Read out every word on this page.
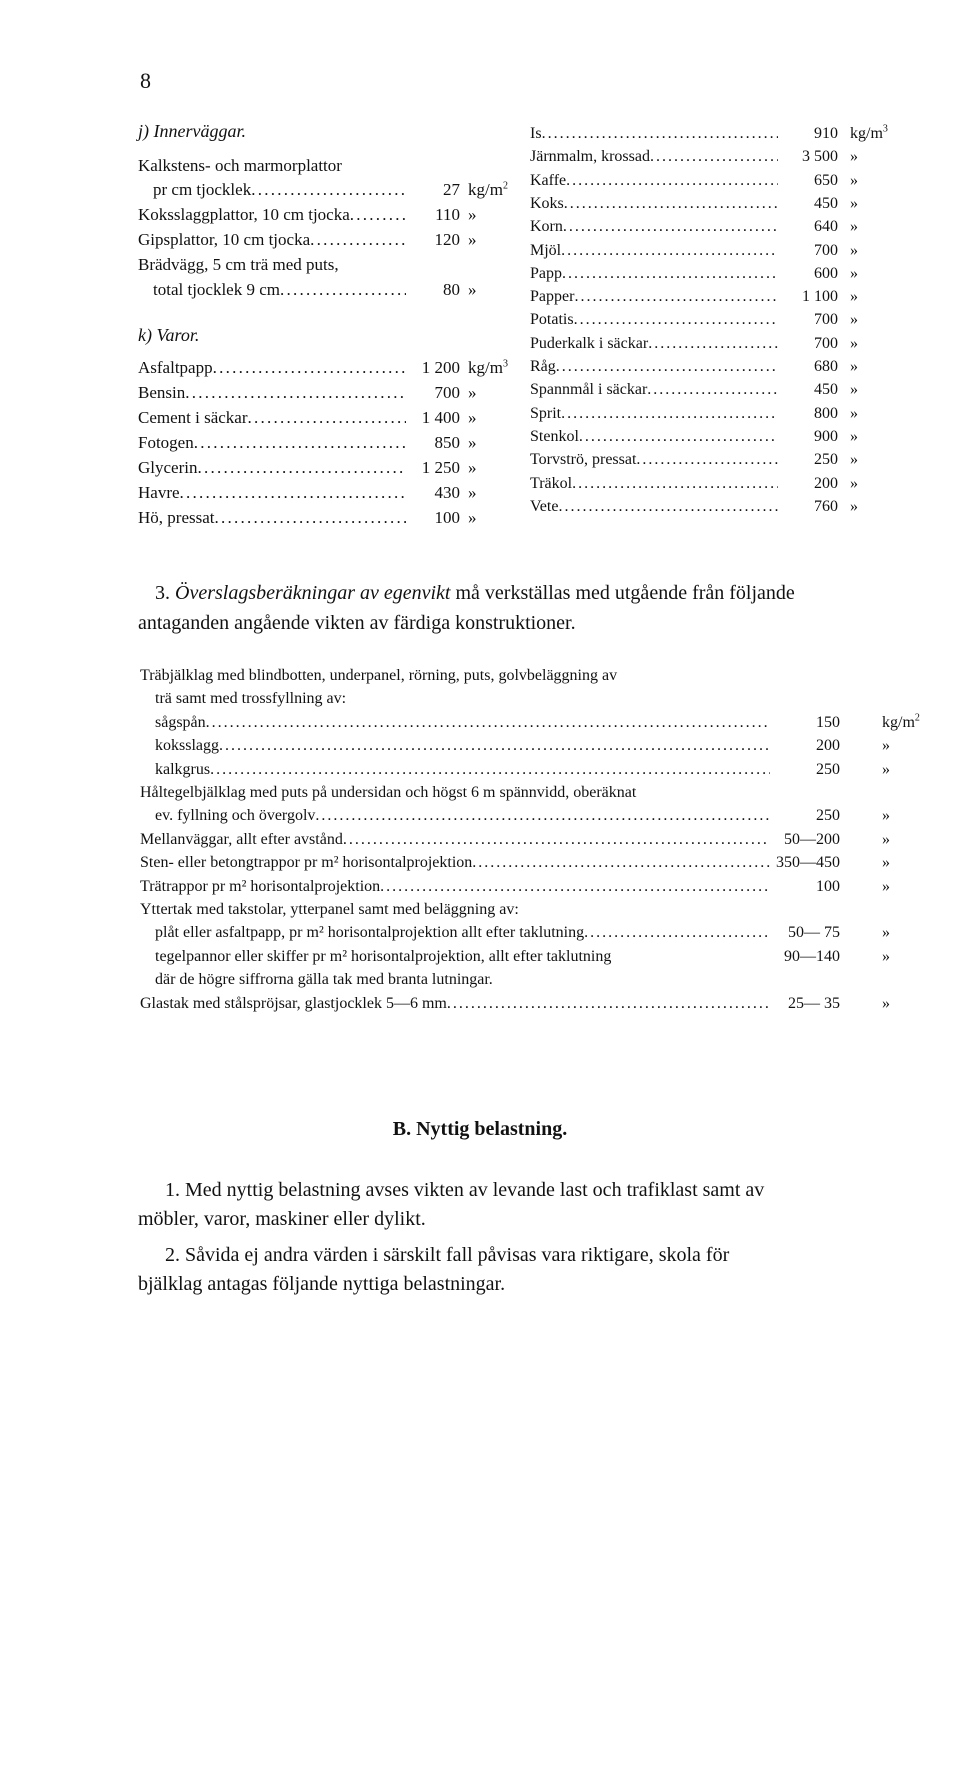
8
j) Innerväggar.
Kalkstens- och marmorplattor
. . .
pr cm tjocklek	27 $kg/m^2$
. . .
Koksslaggplattor, 10 cm tjocka	110 »
. . .
Gipsplattor, 10 cm tjocka	120 »
Brädvägg, 5 cm trä med puts,
. . .
total tjocklek 9 cm	80 »
k) Varor.
. . .
Asfaltpapp	1 200 $kg/m^3$
. . .
Bensin	700 »
. . .
Cement i säckar	1 400 »
. . .
Fotogen	850 »
. . .
Glycerin	1 250 »
. . .
Havre	430 »
. . .
Hö, pressat	100 »
. . .
Is	910 $kg/m^3$
. . .
Järnmalm, krossad	3 500 »
. . .
Kaffe	650 »
. . .
Koks	450 »
. . .
Korn	640 »
. . .
Mjöl	700 »
. . .
Papp	600 »
. . .
Papper	1 100 »
. . .
Potatis	700 »
. . .
Puderkalk i säckar	700 »
. . .
Råg	680 »
. . .
Spannmål i säckar	450 »
. . .
Sprit	800 »
. . .
Stenkol	900 »
. . .
Torvströ, pressat	250 »
. . .
Träkol	200 »
. . .
Vete	760 »
3. Överslagsberäkningar av egenvikt må verkställas med utgående från följande
antaganden angående vikten av färdiga konstruktioner.
Träbjälklag med blindbotten, underpanel, rörning, puts, golvbeläggning av
trä samt med trossfyllning av:
. . .
sågspån	150	$kg/m^2$
. . .
koksslagg	200	»
. . .
kalkgrus	250	»
Håltegelbjälklag med puts på undersidan och högst 6 m spännvidd, oberäknat
. . .
ev. fyllning och övergolv	250	»
. . .
Mellanväggar, allt efter avstånd	50—200	»
. . .
Sten- eller betongtrappor pr m² horisontalprojektion	350—450	»
. . .
Trätrappor pr m² horisontalprojektion	100	»
Yttertak med takstolar, ytterpanel samt med beläggning av:
. . .
plåt eller asfaltpapp, pr m² horisontalprojektion allt efter taklutning	50— 75	»
tegelpannor eller skiffer pr m² horisontalprojektion, allt efter taklutning	90—140	»
där de högre siffrorna gälla tak med branta lutningar.
. . .
Glastak med stålspröjsar, glastjocklek 5—6 mm	25— 35	»
B. Nyttig belastning.
1. Med nyttig belastning avses vikten av levande last och trafiklast samt av
möbler, varor, maskiner eller dylikt.
2. Såvida ej andra värden i särskilt fall påvisas vara riktigare, skola för
bjälklag antagas följande nyttiga belastningar.
